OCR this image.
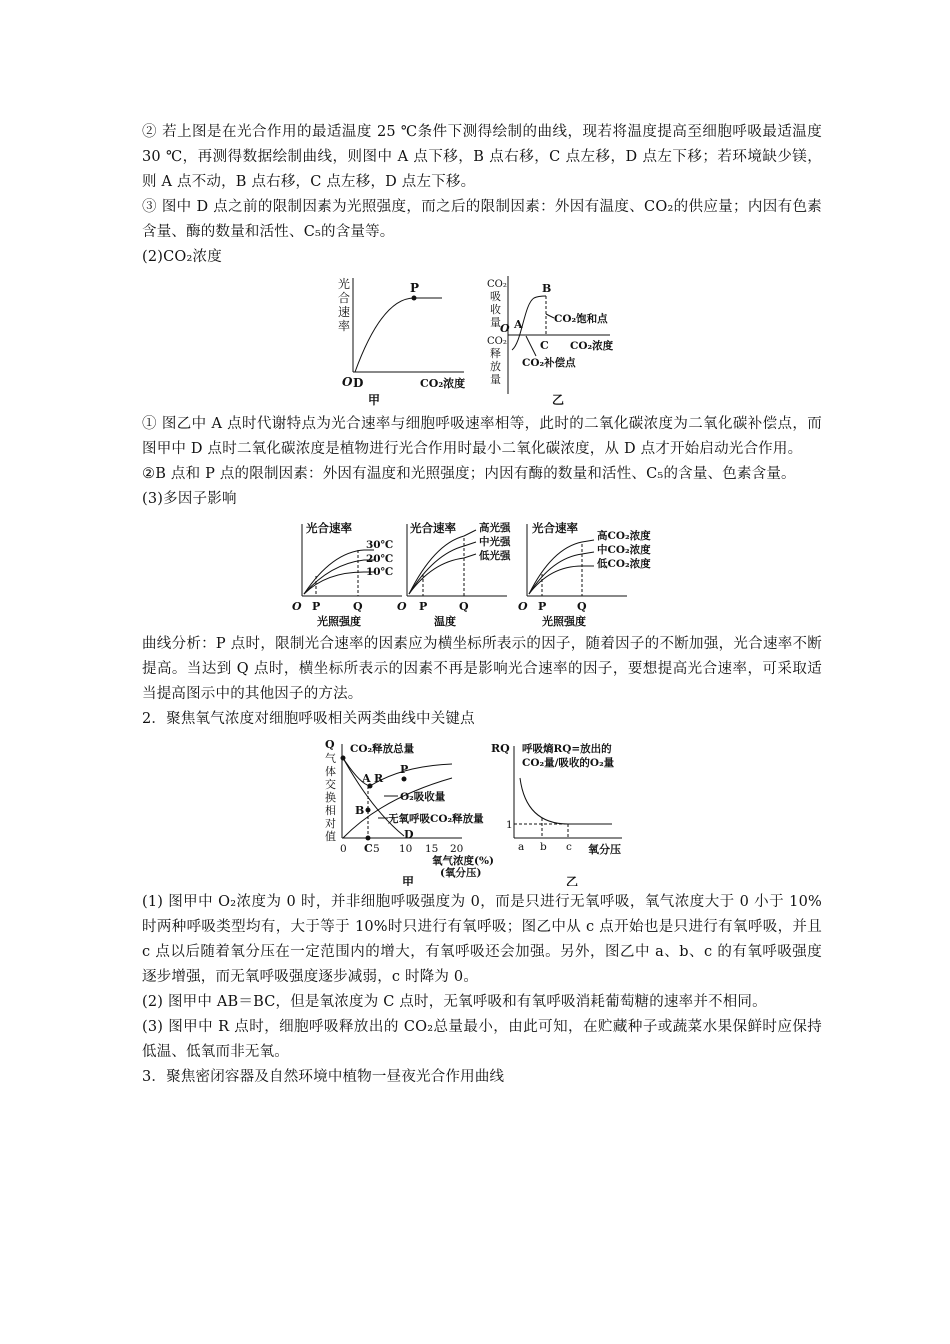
② 若上图是在光合作用的最适温度 25 ℃条件下测得绘制的曲线，现若将温度提高至细胞呼吸最适温度 30 ℃，再测得数据绘制曲线，则图中 A 点下移，B 点右移，C 点左移，D 点左下移；若环境缺少镁，则 A 点不动，B 点右移，C 点左移，D 点左下移。

③ 图中 D 点之前的限制因素为光照强度，而之后的限制因素：外因有温度、CO₂的供应量；内因有色素含量、酶的数量和活性、C₅的含量等。

(2)CO₂浓度

光
合
速
率
P
O D	CO₂浓度
甲
CO₂
吸
收
量
CO₂
释
放
量
O
B
A	CO₂饱和点
C CO₂浓度
CO₂补偿点
乙

① 图乙中 A 点时代谢特点为光合速率与细胞呼吸速率相等，此时的二氧化碳浓度为二氧化碳补偿点，而图甲中 D 点时二氧化碳浓度是植物进行光合作用时最小二氧化碳浓度，从 D 点才开始启动光合作用。

②B 点和 P 点的限制因素：外因有温度和光照强度；内因有酶的数量和活性、C₅的含量、色素含量。

(3)多因子影响

光合速率
30℃
20℃
10℃
O P	Q
光照强度
光合速率 高光强
中光强
低光强
O P	Q
温度
光合速率
高CO₂浓度
中CO₂浓度
低CO₂浓度
O P	Q
光照强度

曲线分析：P 点时，限制光合速率的因素应为横坐标所表示的因子，随着因子的不断加强，光合速率不断提高。当达到 Q 点时，横坐标所表示的因素不再是影响光合速率的因子，要想提高光合速率，可采取适当提高图示中的其他因子的方法。

2．聚焦氧气浓度对细胞呼吸相关两类曲线中关键点

Q
气
体
交
换
相
对
值
CO₂释放总量
A R
P
O₂吸收量
B
无氧呼吸CO₂释放量
D
0 C 5 10 15 20
氧气浓度(%)
(氧分压)
甲
RQ 呼吸熵RQ=放出的
CO₂量/吸收的O₂量
1
a b c 氧分压
乙

(1) 图甲中 O₂浓度为 0 时，并非细胞呼吸强度为 0，而是只进行无氧呼吸，氧气浓度大于 0 小于 10%时两种呼吸类型均有，大于等于 10%时只进行有氧呼吸；图乙中从 c 点开始也是只进行有氧呼吸，并且 c 点以后随着氧分压在一定范围内的增大，有氧呼吸还会加强。另外，图乙中 a、b、c 的有氧呼吸强度逐步增强，而无氧呼吸强度逐步减弱，c 时降为 0。

(2) 图甲中 AB＝BC，但是氧浓度为 C 点时，无氧呼吸和有氧呼吸消耗葡萄糖的速率并不相同。

(3) 图甲中 R 点时，细胞呼吸释放出的 CO₂总量最小，由此可知，在贮藏种子或蔬菜水果保鲜时应保持低温、低氧而非无氧。

3．聚焦密闭容器及自然环境中植物一昼夜光合作用曲线
